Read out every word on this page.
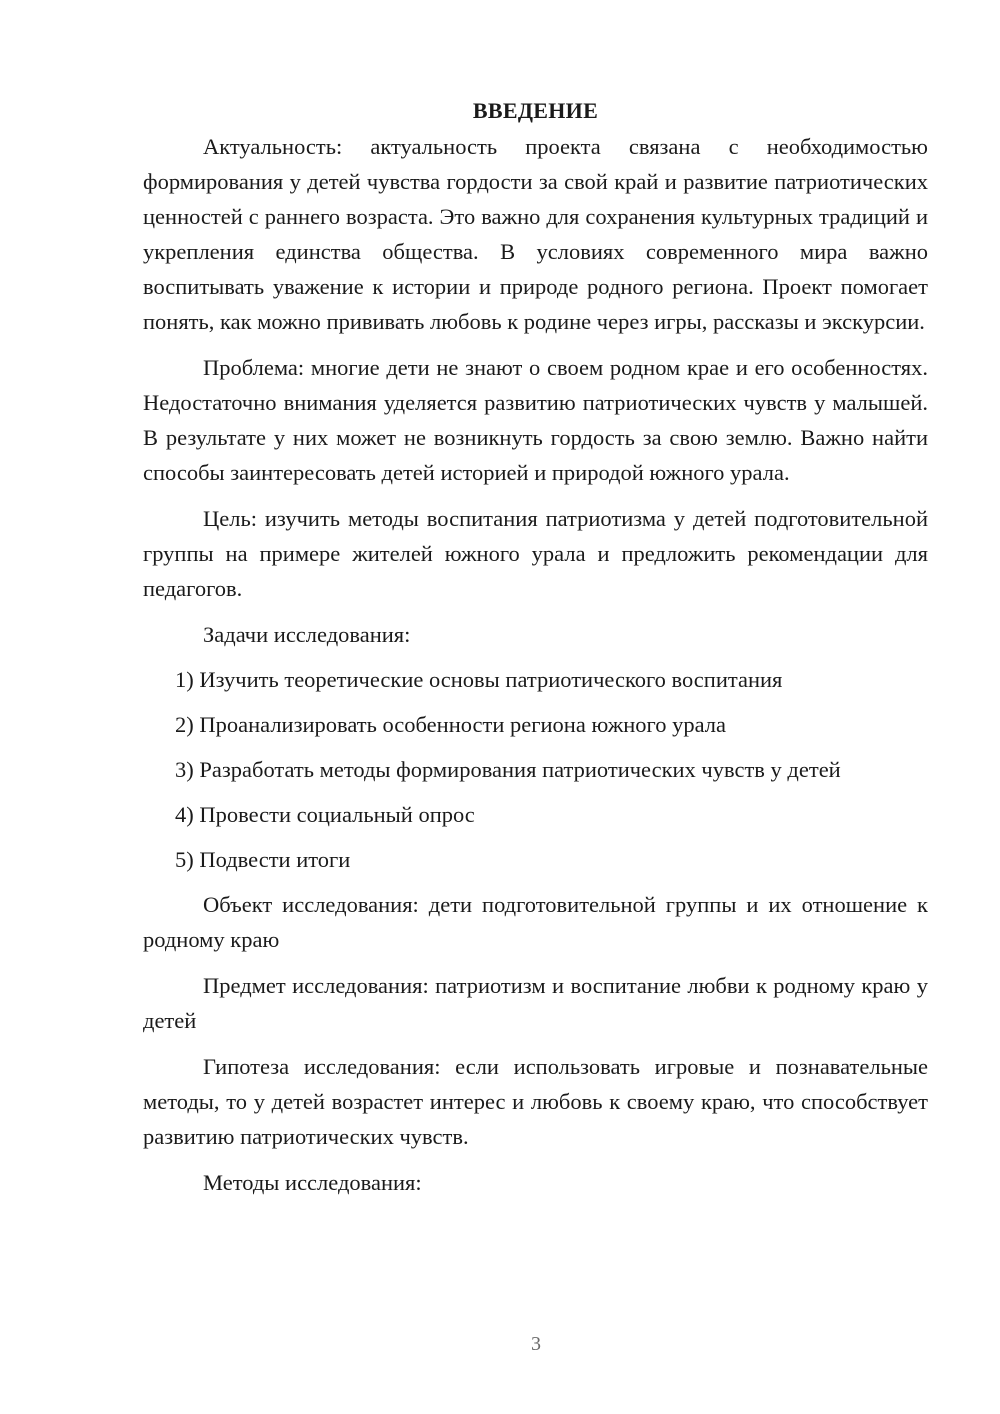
ВВЕДЕНИЕ

Актуальность: актуальность проекта связана с необходимостью формирования у детей чувства гордости за свой край и развитие патриотических ценностей с раннего возраста. Это важно для сохранения культурных традиций и укрепления единства общества. В условиях современного мира важно воспитывать уважение к истории и природе родного региона. Проект помогает понять, как можно прививать любовь к родине через игры, рассказы и экскурсии.

Проблема: многие дети не знают о своем родном крае и его особенностях. Недостаточно внимания уделяется развитию патриотических чувств у малышей. В результате у них может не возникнуть гордость за свою землю. Важно найти способы заинтересовать детей историей и природой южного урала.

Цель: изучить методы воспитания патриотизма у детей подготовительной группы на примере жителей южного урала и предложить рекомендации для педагогов.

Задачи исследования:
1) Изучить теоретические основы патриотического воспитания
2) Проанализировать особенности региона южного урала
3) Разработать методы формирования патриотических чувств у детей
4) Провести социальный опрос
5) Подвести итоги

Объект исследования: дети подготовительной группы и их отношение к родному краю

Предмет исследования: патриотизм и воспитание любви к родному краю у детей

Гипотеза исследования: если использовать игровые и познавательные методы, то у детей возрастет интерес и любовь к своему краю, что способствует развитию патриотических чувств.

Методы исследования:
3
